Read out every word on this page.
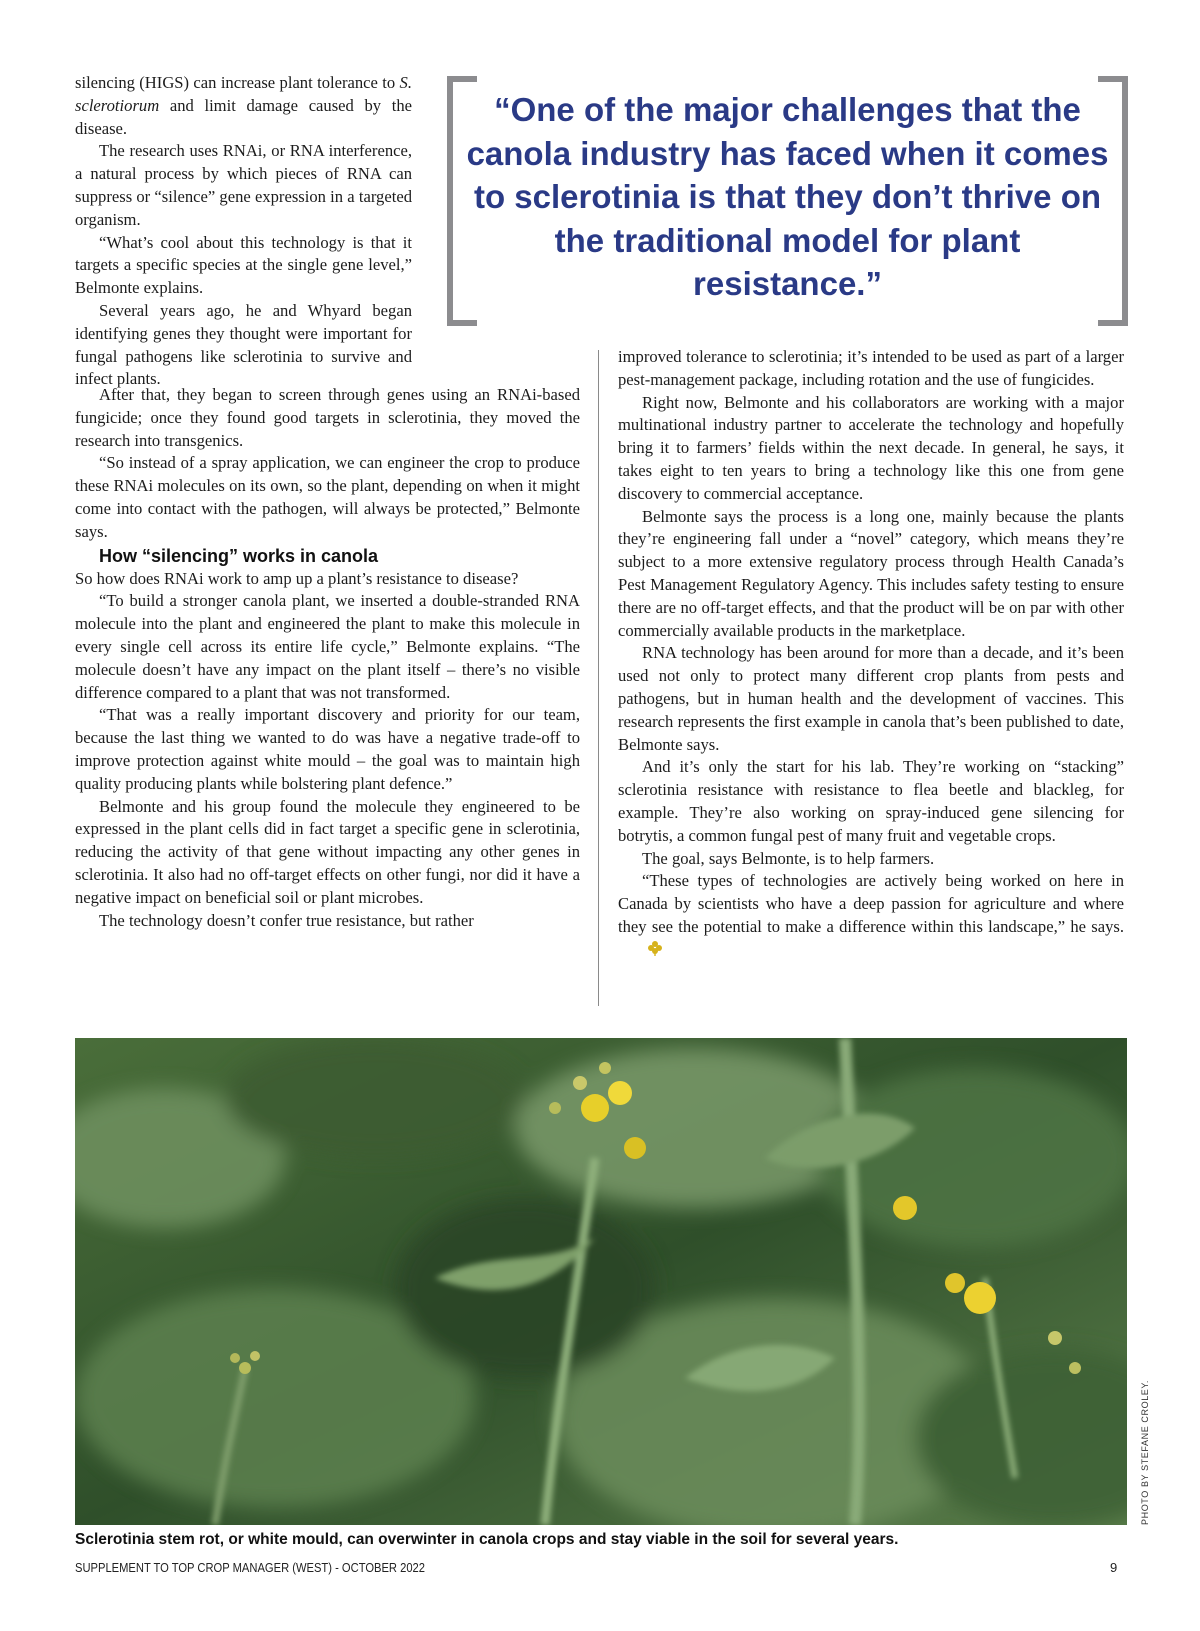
silencing (HIGS) can increase plant tolerance to S. sclerotiorum and limit damage caused by the disease.

The research uses RNAi, or RNA interference, a natural process by which pieces of RNA can suppress or “silence” gene expression in a targeted organism.

“What’s cool about this technology is that it targets a specific species at the single gene level,” Belmonte explains.

Several years ago, he and Whyard began identifying genes they thought were important for fungal pathogens like sclerotinia to survive and infect plants.

“One of the major challenges that the canola industry has faced when it comes to sclerotinia is that they don’t thrive on the traditional model for plant resistance.”

After that, they began to screen through genes using an RNAi-based fungicide; once they found good targets in sclerotinia, they moved the research into transgenics.

“So instead of a spray application, we can engineer the crop to produce these RNAi molecules on its own, so the plant, depending on when it might come into contact with the pathogen, will always be protected,” Belmonte says.

How “silencing” works in canola

So how does RNAi work to amp up a plant’s resistance to disease?

“To build a stronger canola plant, we inserted a double-stranded RNA molecule into the plant and engineered the plant to make this molecule in every single cell across its entire life cycle,” Belmonte explains. “The molecule doesn’t have any impact on the plant itself – there’s no visible difference compared to a plant that was not transformed.

“That was a really important discovery and priority for our team, because the last thing we wanted to do was have a negative trade-off to improve protection against white mould – the goal was to maintain high quality producing plants while bolstering plant defence.”

Belmonte and his group found the molecule they engineered to be expressed in the plant cells did in fact target a specific gene in sclerotinia, reducing the activity of that gene without impacting any other genes in sclerotinia. It also had no off-target effects on other fungi, nor did it have a negative impact on beneficial soil or plant microbes.

The technology doesn’t confer true resistance, but rather

improved tolerance to sclerotinia; it’s intended to be used as part of a larger pest-management package, including rotation and the use of fungicides.

Right now, Belmonte and his collaborators are working with a major multinational industry partner to accelerate the technology and hopefully bring it to farmers’ fields within the next decade. In general, he says, it takes eight to ten years to bring a technology like this one from gene discovery to commercial acceptance.

Belmonte says the process is a long one, mainly because the plants they’re engineering fall under a “novel” category, which means they’re subject to a more extensive regulatory process through Health Canada’s Pest Management Regulatory Agency. This includes safety testing to ensure there are no off-target effects, and that the product will be on par with other commercially available products in the marketplace.

RNA technology has been around for more than a decade, and it’s been used not only to protect many different crop plants from pests and pathogens, but in human health and the development of vaccines. This research represents the first example in canola that’s been published to date, Belmonte says.

And it’s only the start for his lab. They’re working on “stacking” sclerotinia resistance with resistance to flea beetle and blackleg, for example. They’re also working on spray-induced gene silencing for botrytis, a common fungal pest of many fruit and vegetable crops.

The goal, says Belmonte, is to help farmers.

“These types of technologies are actively being worked on here in Canada by scientists who have a deep passion for agriculture and where they see the potential to make a difference within this landscape,” he says.

PHOTO BY STEFANE CROLEY.
Sclerotinia stem rot, or white mould, can overwinter in canola crops and stay viable in the soil for several years.
SUPPLEMENT TO TOP CROP MANAGER (WEST) - OCTOBER 2022	9
